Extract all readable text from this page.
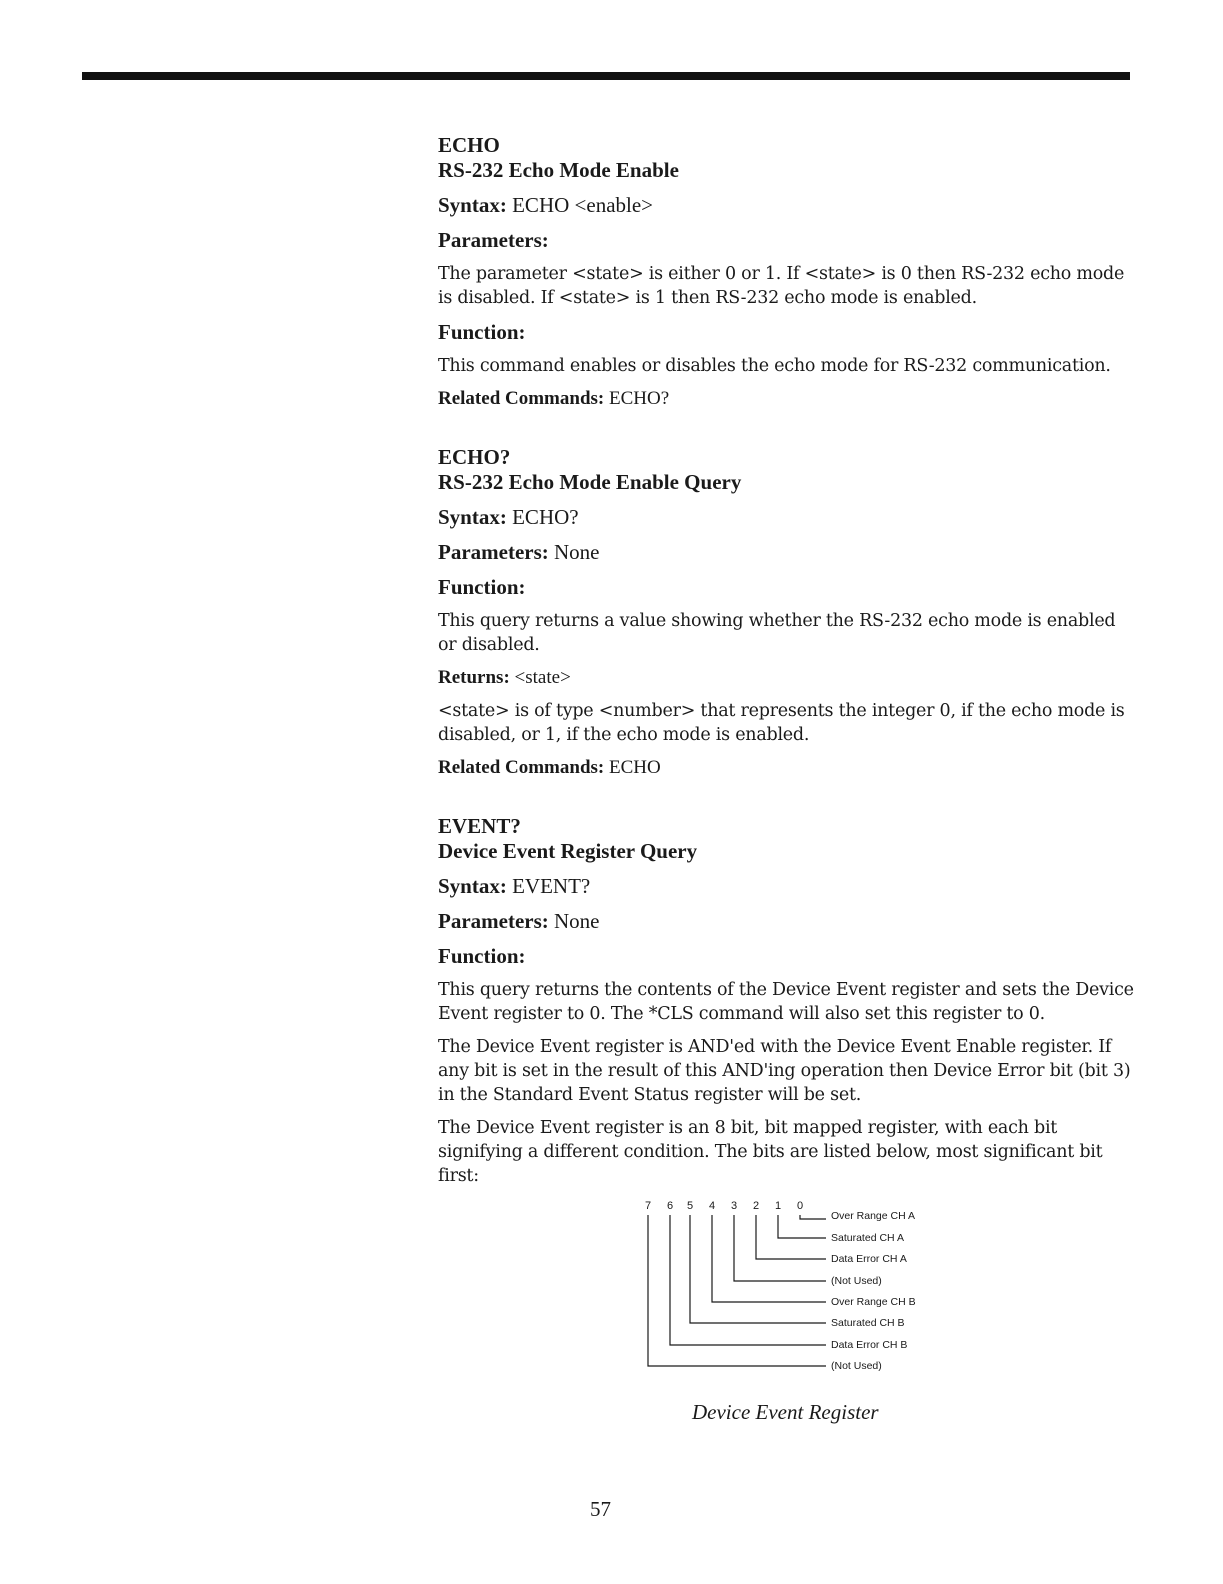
ECHO

RS-232 Echo Mode Enable

Syntax: ECHO <enable>

Parameters:

The parameter <state> is either 0 or 1. If <state> is 0 then RS-232 echo mode is disabled. If <state> is 1 then RS-232 echo mode is enabled.

Function:

This command enables or disables the echo mode for RS-232 communication.

Related Commands: ECHO?

ECHO?

RS-232 Echo Mode Enable Query

Syntax: ECHO?

Parameters: None

Function:

This query returns a value showing whether the RS-232 echo mode is enabled or disabled.

Returns: <state>

<state> is of type <number> that represents the integer 0, if the echo mode is disabled, or 1, if the echo mode is enabled.

Related Commands: ECHO

EVENT?

Device Event Register Query

Syntax: EVENT?

Parameters: None

Function:

This query returns the contents of the Device Event register and sets the Device Event register to 0. The *CLS command will also set this register to 0.

The Device Event register is AND'ed with the Device Event Enable register. If any bit is set in the result of this AND'ing operation then Device Error bit (bit 3) in the Standard Event Status register will be set.

The Device Event register is an 8 bit, bit mapped register, with each bit signifying a different condition. The bits are listed below, most significant bit first:

7 6 5 4 3 2 1 0
Over Range CH A
Saturated CH A
Data Error CH A
(Not Used)
Over Range CH B
Saturated CH B
Data Error CH B
(Not Used)
Device Event Register
57
